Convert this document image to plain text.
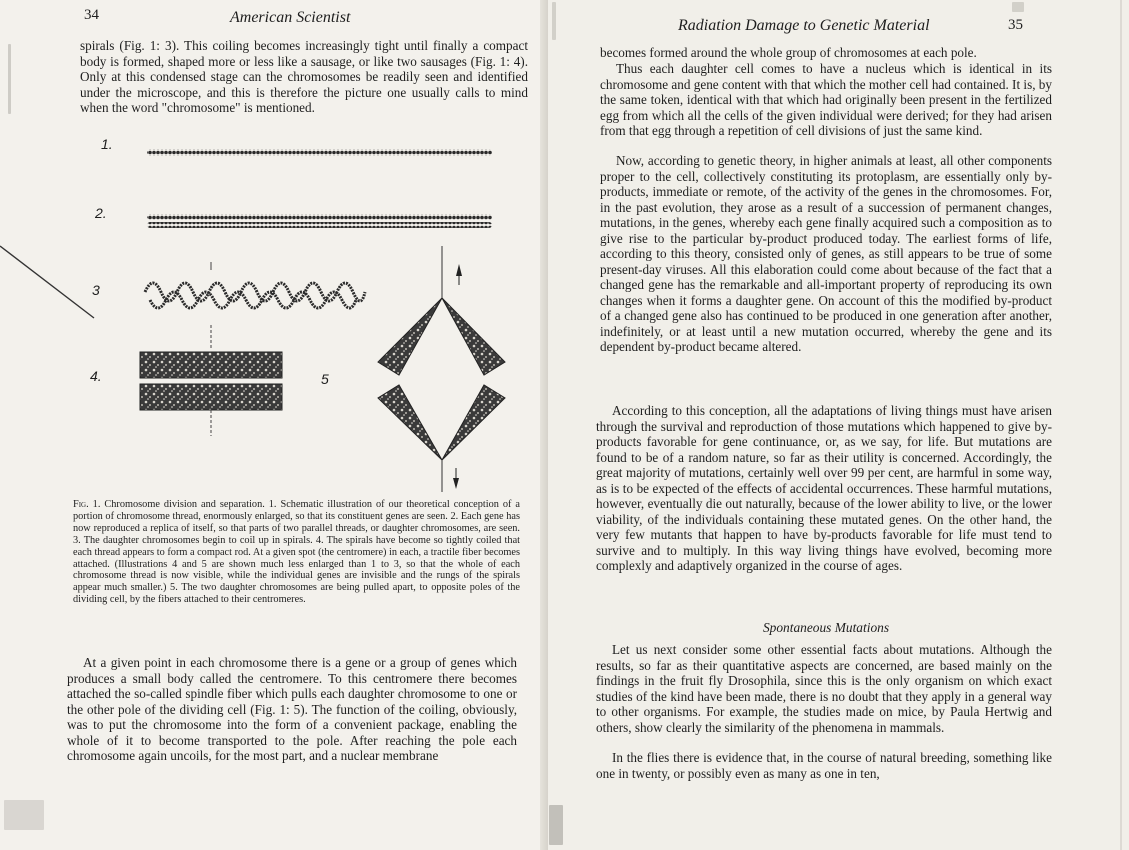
34	American Scientist

spirals (Fig. 1: 3). This coiling becomes increasingly tight until finally a compact body is formed, shaped more or less like a sausage, or like two sausages (Fig. 1: 4). Only at this condensed stage can the chromosomes be readily seen and identified under the microscope, and this is therefore the picture one usually calls to mind when the word "chromosome" is mentioned.

1.
2.
3
4.	5

Fig. 1. Chromosome division and separation. 1. Schematic illustration of our theoretical conception of a portion of chromosome thread, enormously enlarged, so that its constituent genes are seen. 2. Each gene has now reproduced a replica of itself, so that parts of two parallel threads, or daughter chromosomes, are seen. 3. The daughter chromosomes begin to coil up in spirals. 4. The spirals have become so tightly coiled that each thread appears to form a compact rod. At a given spot (the centromere) in each, a tractile fiber becomes attached. (Illustrations 4 and 5 are shown much less enlarged than 1 to 3, so that the whole of each chromosome thread is now visible, while the individual genes are invisible and the rungs of the spirals appear much smaller.) 5. The two daughter chromosomes are being pulled apart, to opposite poles of the dividing cell, by the fibers attached to their centromeres.

At a given point in each chromosome there is a gene or a group of genes which produces a small body called the centromere. To this centromere there becomes attached the so-called spindle fiber which pulls each daughter chromosome to one or the other pole of the dividing cell (Fig. 1: 5). The function of the coiling, obviously, was to put the chromosome into the form of a convenient package, enabling the whole of it to become transported to the pole. After reaching the pole each chromosome again uncoils, for the most part, and a nuclear membrane

Radiation Damage to Genetic Material	35

becomes formed around the whole group of chromosomes at each pole.

Thus each daughter cell comes to have a nucleus which is identical in its chromosome and gene content with that which the mother cell had contained. It is, by the same token, identical with that which had originally been present in the fertilized egg from which all the cells of the given individual were derived; for they had arisen from that egg through a repetition of cell divisions of just the same kind.

Now, according to genetic theory, in higher animals at least, all other components proper to the cell, collectively constituting its protoplasm, are essentially only by-products, immediate or remote, of the activity of the genes in the chromosomes. For, in the past evolution, they arose as a result of a succession of permanent changes, mutations, in the genes, whereby each gene finally acquired such a composition as to give rise to the particular by-product produced today. The earliest forms of life, according to this theory, consisted only of genes, as still appears to be true of some present-day viruses. All this elaboration could come about because of the fact that a changed gene has the remarkable and all-important property of reproducing its own changes when it forms a daughter gene. On account of this the modified by-product of a changed gene also has continued to be produced in one generation after another, indefinitely, or at least until a new mutation occurred, whereby the gene and its dependent by-product became altered.

According to this conception, all the adaptations of living things must have arisen through the survival and reproduction of those mutations which happened to give by-products favorable for gene continuance, or, as we say, for life. But mutations are found to be of a random nature, so far as their utility is concerned. Accordingly, the great majority of mutations, certainly well over 99 per cent, are harmful in some way, as is to be expected of the effects of accidental occurrences. These harmful mutations, however, eventually die out naturally, because of the lower ability to live, or the lower viability, of the individuals containing these mutated genes. On the other hand, the very few mutants that happen to have by-products favorable for life must tend to survive and to multiply. In this way living things have evolved, becoming more complexly and adaptively organized in the course of ages.

Spontaneous Mutations

Let us next consider some other essential facts about mutations. Although the results, so far as their quantitative aspects are concerned, are based mainly on the findings in the fruit fly Drosophila, since this is the only organism on which exact studies of the kind have been made, there is no doubt that they apply in a general way to other organisms. For example, the studies made on mice, by Paula Hertwig and others, show clearly the similarity of the phenomena in mammals.

In the flies there is evidence that, in the course of natural breeding, something like one in twenty, or possibly even as many as one in ten,
